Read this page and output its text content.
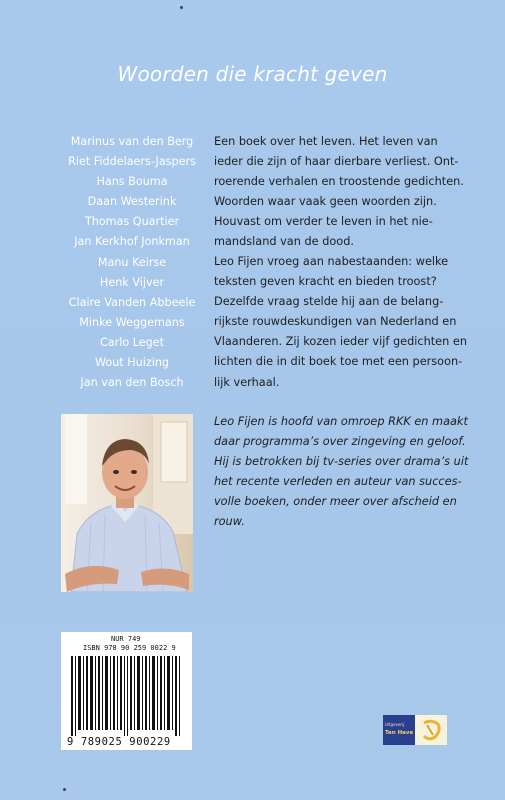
Woorden die kracht geven
Marinus van den Berg
Riet Fiddelaers-Jaspers
Hans Bouma
Daan Westerink
Thomas Quartier
Jan Kerkhof Jonkman
Manu Keirse
Henk Vijver
Claire Vanden Abbeele
Minke Weggemans
Carlo Leget
Wout Huizing
Jan van den Bosch

Een boek over het leven. Het leven van

ieder die zijn of haar dierbare verliest. Ont-

roerende verhalen en troostende gedichten.

Woorden waar vaak geen woorden zijn.

Houvast om verder te leven in het nie-

mandsland van de dood.

Leo Fijen vroeg aan nabestaanden: welke

teksten geven kracht en bieden troost?

Dezelfde vraag stelde hij aan de belang-

rijkste rouwdeskundigen van Nederland en

Vlaanderen. Zij kozen ieder vijf gedichten en

lichten die in dit boek toe met een persoon-

lijk verhaal.

Leo Fijen is hoofd van omroep RKK en maakt

daar programma’s over zingeving en geloof.

Hij is betrokken bij tv-series over drama’s uit

het recente verleden en auteur van succes-

volle boeken, onder meer over afscheid en

rouw.

NUR 749
ISBN 978 90 259 0022 9
9 789025 900229
Uitgeverij
Ten Have
